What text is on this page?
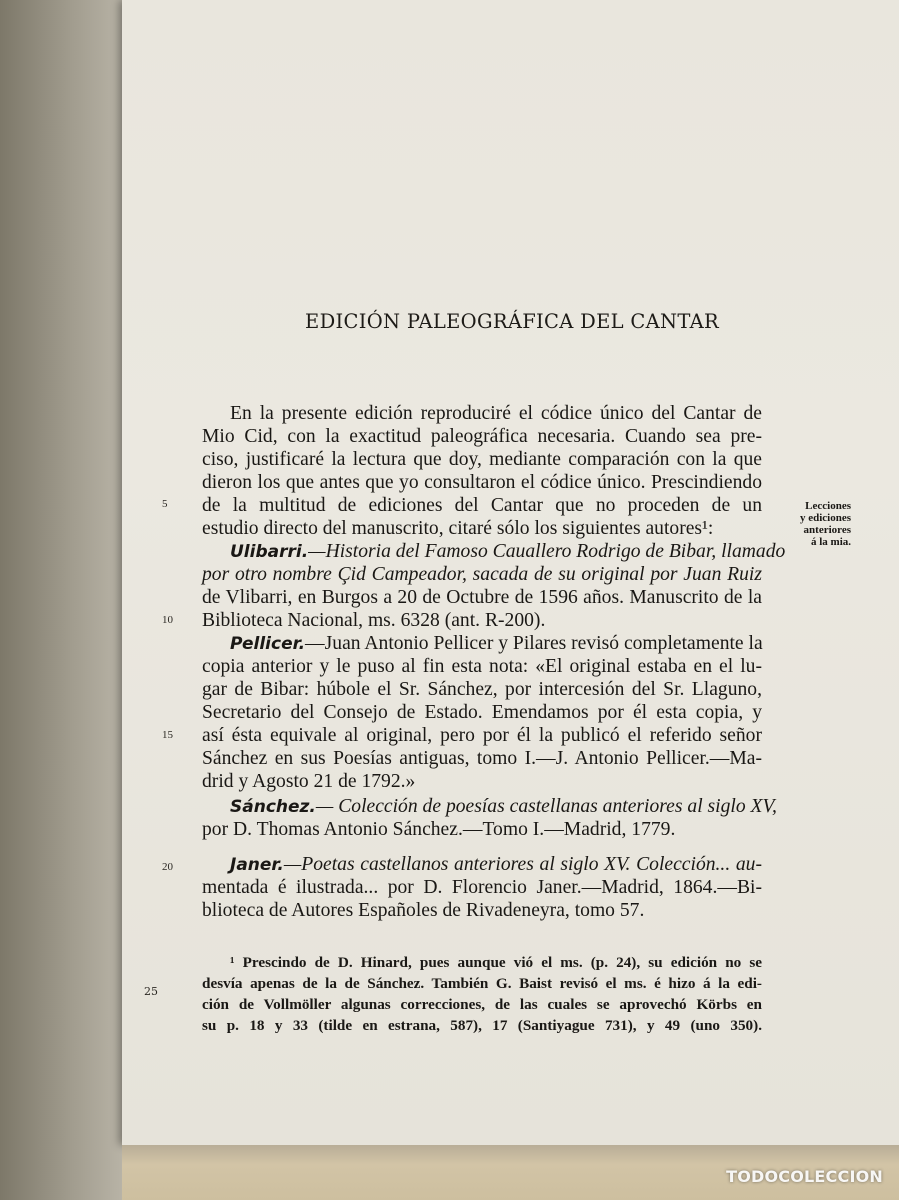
EDICIÓN PALEOGRÁFICA DEL CANTAR
En la presente edición reproduciré el códice único del Cantar de
Mio Cid, con la exactitud paleográfica necesaria. Cuando sea pre-
ciso, justificaré la lectura que doy, mediante comparación con la que
dieron los que antes que yo consultaron el códice único. Prescindiendo
de la multitud de ediciones del Cantar que no proceden de un
estudio directo del manuscrito, citaré sólo los siguientes autores¹:
Ulibarri.—Historia del Famoso Cauallero Rodrigo de Bibar, llamado
por otro nombre Çid Campeador, sacada de su original por Juan Ruiz
de Vlibarri, en Burgos a 20 de Octubre de 1596 años. Manuscrito de la
Biblioteca Nacional, ms. 6328 (ant. R-200).
Pellicer.—Juan Antonio Pellicer y Pilares revisó completamente la
copia anterior y le puso al fin esta nota: «El original estaba en el lu-
gar de Bibar: húbole el Sr. Sánchez, por intercesión del Sr. Llaguno,
Secretario del Consejo de Estado. Emendamos por él esta copia, y
así ésta equivale al original, pero por él la publicó el referido señor
Sánchez en sus Poesías antiguas, tomo I.—J. Antonio Pellicer.—Ma-
drid y Agosto 21 de 1792.»
Sánchez.— Colección de poesías castellanas anteriores al siglo XV,
por D. Thomas Antonio Sánchez.—Tomo I.—Madrid, 1779.
Janer.—Poetas castellanos anteriores al siglo XV. Colección... au-
mentada é ilustrada... por D. Florencio Janer.—Madrid, 1864.—Bi-
blioteca de Autores Españoles de Rivadeneyra, tomo 57.
5
10
15
20
Lecciones
y ediciones
anteriores
á la mia.
¹ Prescindo de D. Hinard, pues aunque vió el ms. (p. 24), su edición no se
desvía apenas de la de Sánchez. También G. Baist revisó el ms. é hizo á la edi-
ción de Vollmöller algunas correcciones, de las cuales se aprovechó Körbs en
su p. 18 y 33 (tilde en estrana, 587), 17 (Santiyague 731), y 49 (uno 350).
25
TODOCOLECCION
